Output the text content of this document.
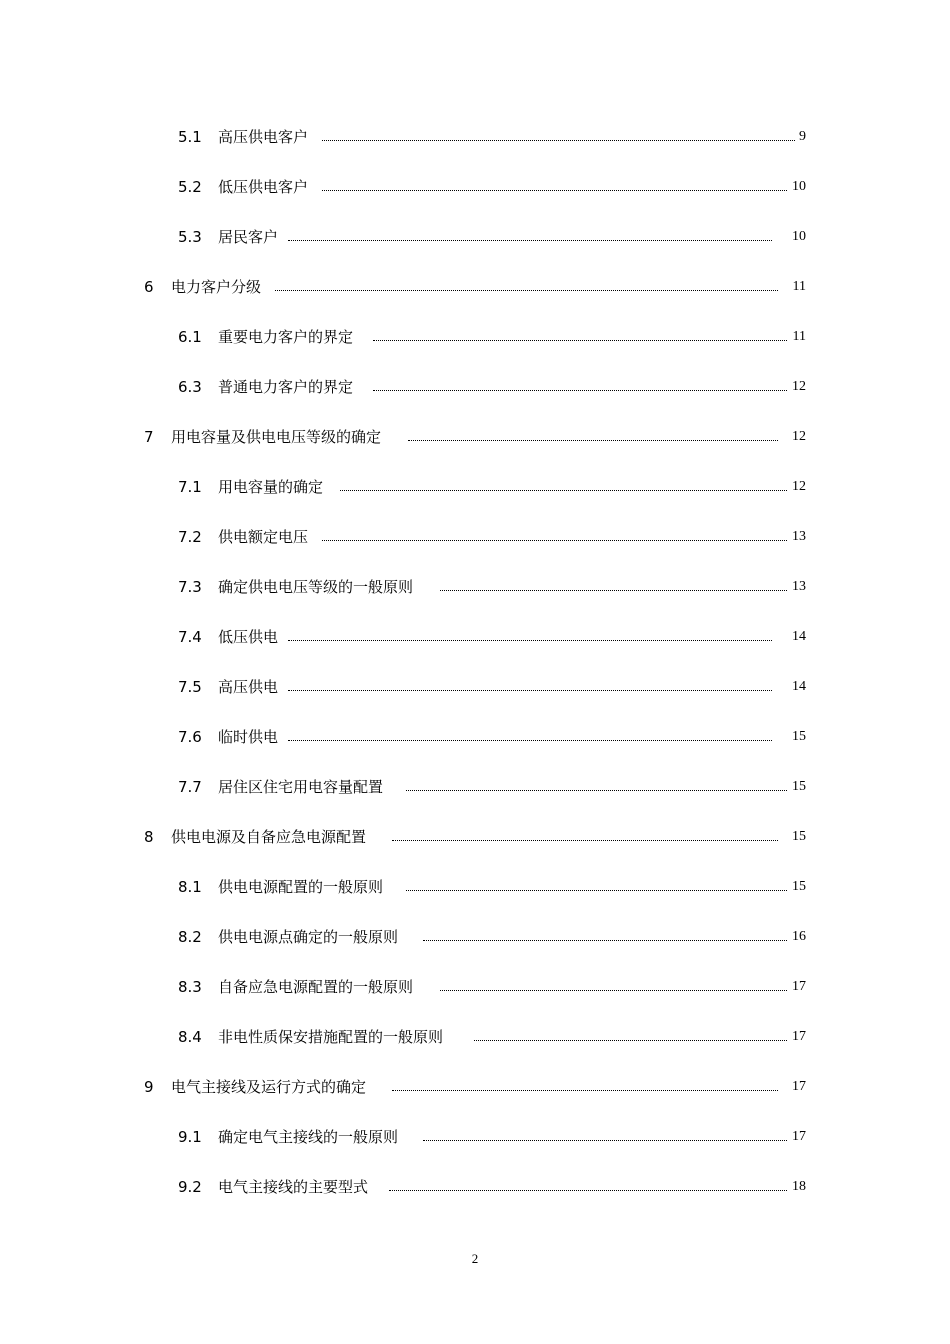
5.1 高压供电客户	9
5.2 低压供电客户	10
5.3 居民客户	10
6 电力客户分级	11
6.1 重要电力客户的界定	11
6.3 普通电力客户的界定	12
7 用电容量及供电电压等级的确定	12
7.1 用电容量的确定	12
7.2 供电额定电压	13
7.3 确定供电电压等级的一般原则	13
7.4 低压供电	14
7.5 高压供电	14
7.6 临时供电	15
7.7 居住区住宅用电容量配置	15
8 供电电源及自备应急电源配置	15
8.1 供电电源配置的一般原则	15
8.2 供电电源点确定的一般原则	16
8.3 自备应急电源配置的一般原则	17
8.4 非电性质保安措施配置的一般原则	17
9 电气主接线及运行方式的确定	17
9.1 确定电气主接线的一般原则	17
9.2 电气主接线的主要型式	18
2
